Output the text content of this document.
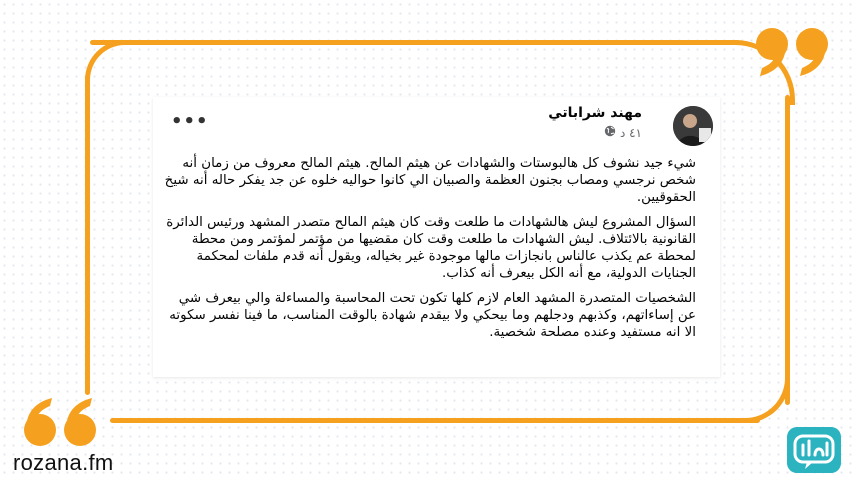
•••	مهند شراباتي
٤١ د

شيء جيد نشوف كل هالبوستات والشهادات عن هيثم المالح. هيثم المالح معروف من زمان أنه شخص نرجسي ومصاب بجنون العظمة والصبيان الي كانوا حواليه خلوه عن جد يفكر حاله أنه شيخ الحقوقيين.

السؤال المشروع ليش هالشهادات ما طلعت وقت كان هيثم المالح متصدر المشهد ورئيس الدائرة القانونية بالائتلاف. ليش الشهادات ما طلعت وقت كان مقضيها من مؤتمر لمؤتمر ومن محطة لمحطة عم يكذب عالناس بانجازات مالها موجودة غير بخياله، ويقول أنه قدم ملفات لمحكمة الجنايات الدولية، مع أنه الكل بيعرف أنه كذاب.

الشخصيات المتصدرة المشهد العام لازم كلها تكون تحت المحاسبة والمساءلة والي بيعرف شي عن إساءاتهم، وكذبهم ودجلهم وما بيحكي ولا بيقدم شهادة بالوقت المناسب، ما فينا نفسر سكوته الا انه مستفيد وعنده مصلحة شخصية.

rozana.fm
